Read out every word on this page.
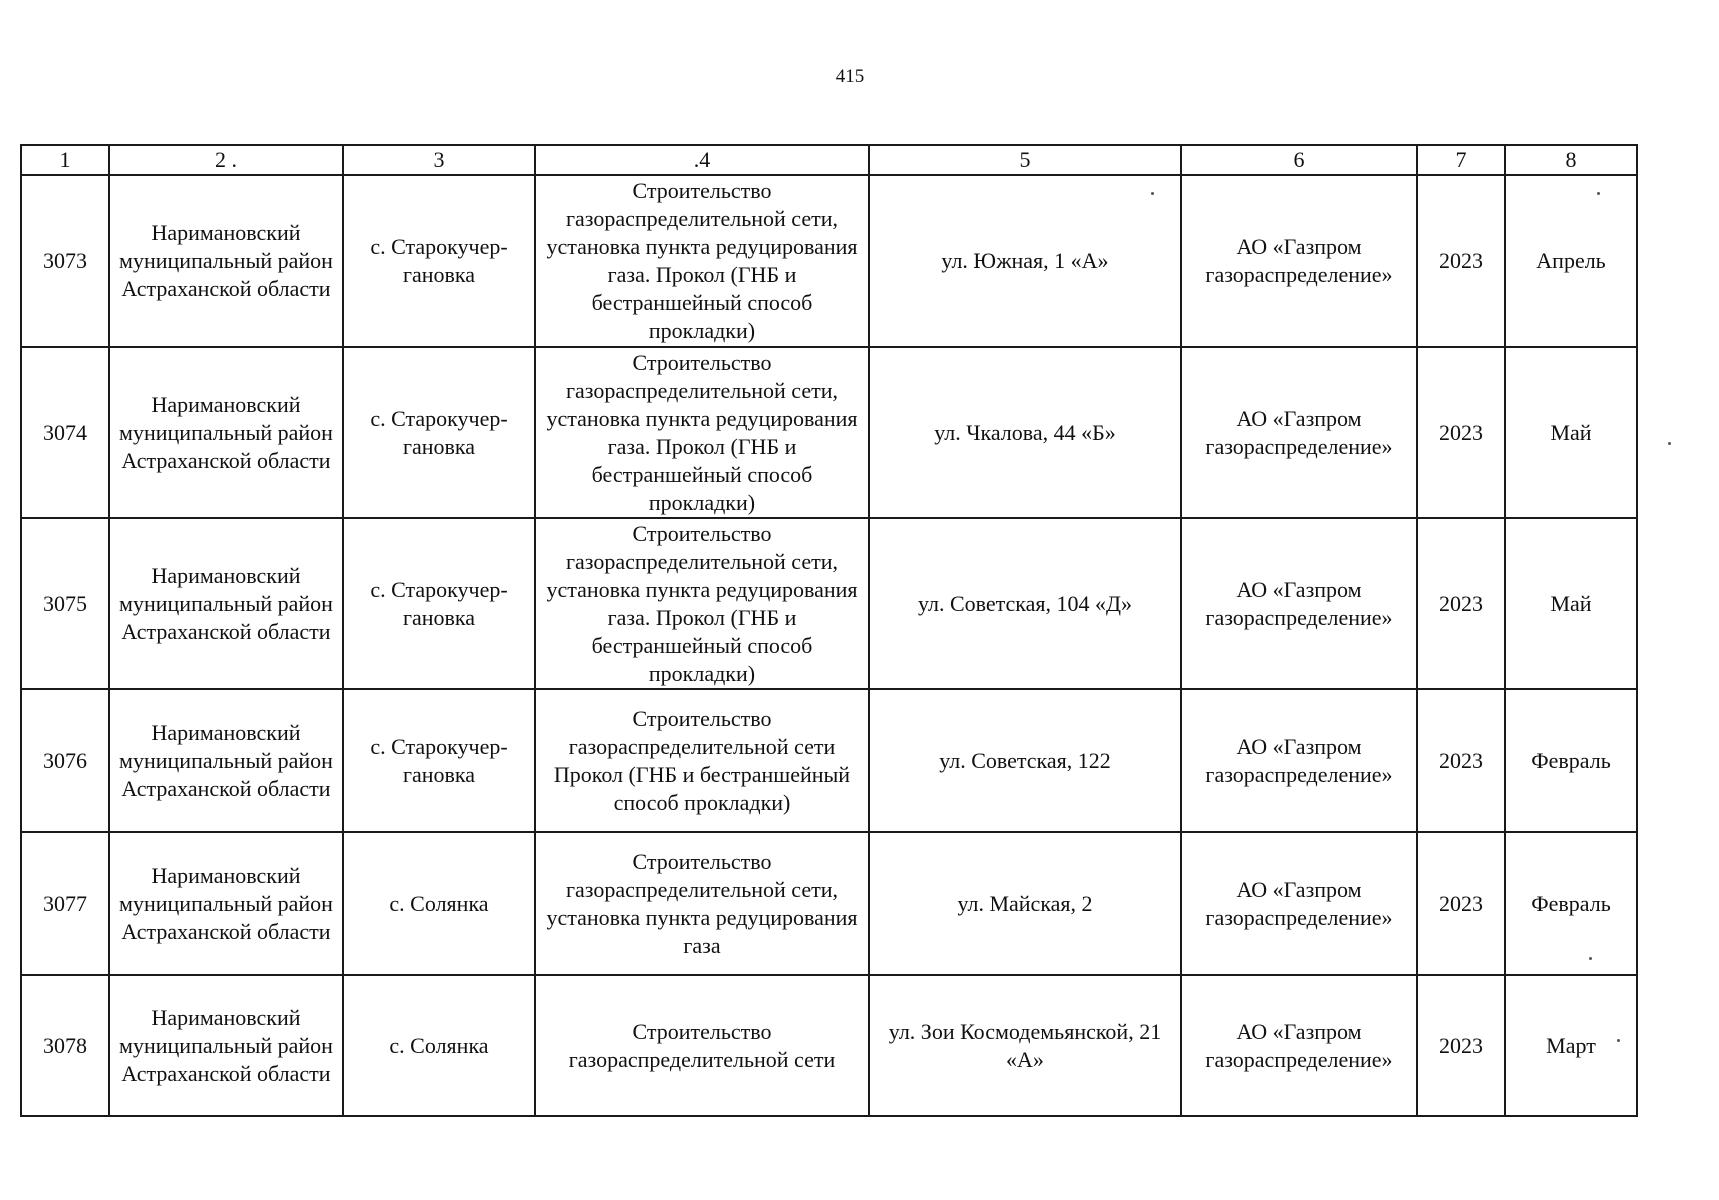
415
1	2 .	3	.4	5	6	7	8
3073	Наримановский муниципальный район Астраханской области	с. Старокучер-гановка	Строительство газораспределительной сети, установка пункта редуцирования газа. Прокол (ГНБ и бестраншейный способ прокладки)	ул. Южная, 1 «А»	АО «Газпром газораспределение»	2023	Апрель
3074	Наримановский муниципальный район Астраханской области	с. Старокучер-гановка	Строительство газораспределительной сети, установка пункта редуцирования газа. Прокол (ГНБ и бестраншейный способ прокладки)	ул. Чкалова, 44 «Б»	АО «Газпром газораспределение»	2023	Май
3075	Наримановский муниципальный район Астраханской области	с. Старокучер-гановка	Строительство газораспределительной сети, установка пункта редуцирования газа. Прокол (ГНБ и бестраншейный способ прокладки)	ул. Советская, 104 «Д»	АО «Газпром газораспределение»	2023	Май
3076	Наримановский муниципальный район Астраханской области	с. Старокучер-гановка	Строительство газораспределительной сети Прокол (ГНБ и бестраншейный способ прокладки)	ул. Советская, 122	АО «Газпром газораспределение»	2023	Февраль
3077	Наримановский муниципальный район Астраханской области	с. Солянка	Строительство газораспределительной сети, установка пункта редуцирования газа	ул. Майская, 2	АО «Газпром газораспределение»	2023	Февраль
3078	Наримановский муниципальный район Астраханской области	с. Солянка	Строительство газораспределительной сети	ул. Зои Космодемьянской, 21 «А»	АО «Газпром газораспределение»	2023	Март
